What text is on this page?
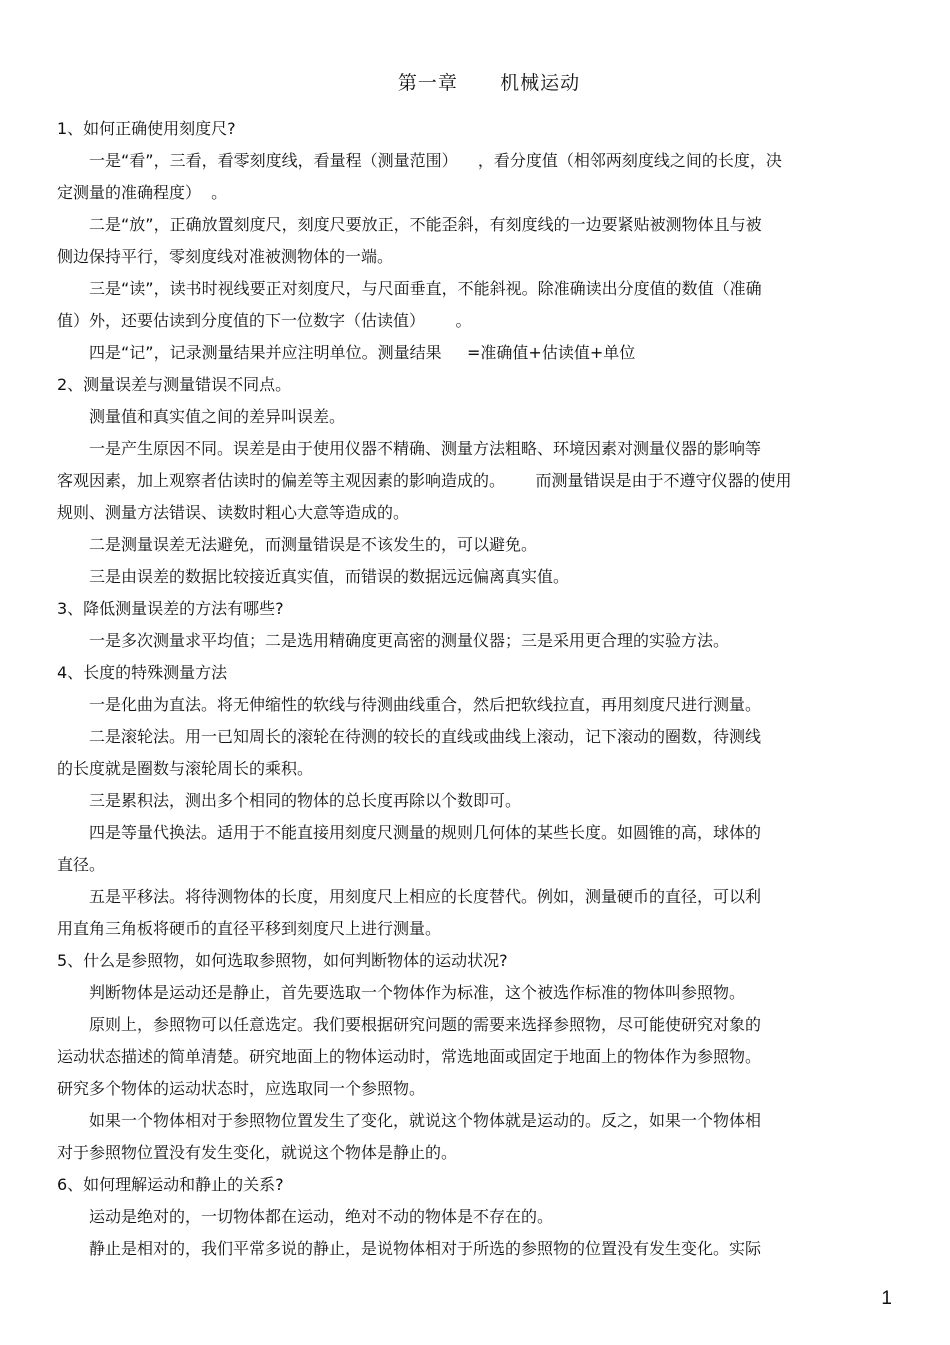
第一章      机械运动
1、如何正确使用刻度尺?
一是“看”，三看，看零刻度线，看量程（测量范围）    ，看分度值（相邻两刻度线之间的长度，决
定测量的准确程度）  。
二是“放”，正确放置刻度尺，刻度尺要放正，不能歪斜，有刻度线的一边要紧贴被测物体且与被
侧边保持平行，零刻度线对准被测物体的一端。
三是“读”，读书时视线要正对刻度尺，与尺面垂直，不能斜视。除准确读出分度值的数值（准确
值）外，还要估读到分度值的下一位数字（估读值）      。
四是“记”，记录测量结果并应注明单位。测量结果     =准确值+估读值+单位
2、测量误差与测量错误不同点。
测量值和真实值之间的差异叫误差。
一是产生原因不同。误差是由于使用仪器不精确、测量方法粗略、环境因素对测量仪器的影响等
客观因素，加上观察者估读时的偏差等主观因素的影响造成的。      而测量错误是由于不遵守仪器的使用
规则、测量方法错误、读数时粗心大意等造成的。
二是测量误差无法避免，而测量错误是不该发生的，可以避免。
三是由误差的数据比较接近真实值，而错误的数据远远偏离真实值。
3、降低测量误差的方法有哪些?
一是多次测量求平均值；二是选用精确度更高密的测量仪器；三是采用更合理的实验方法。
4、长度的特殊测量方法
一是化曲为直法。将无伸缩性的软线与待测曲线重合，然后把软线拉直，再用刻度尺进行测量。
二是滚轮法。用一已知周长的滚轮在待测的较长的直线或曲线上滚动，记下滚动的圈数，待测线
的长度就是圈数与滚轮周长的乘积。
三是累积法，测出多个相同的物体的总长度再除以个数即可。
四是等量代换法。适用于不能直接用刻度尺测量的规则几何体的某些长度。如圆锥的高，球体的
直径。
五是平移法。将待测物体的长度，用刻度尺上相应的长度替代。例如，测量硬币的直径，可以利
用直角三角板将硬币的直径平移到刻度尺上进行测量。
5、什么是参照物，如何选取参照物，如何判断物体的运动状况?
判断物体是运动还是静止，首先要选取一个物体作为标准，这个被选作标准的物体叫参照物。
原则上，参照物可以任意选定。我们要根据研究问题的需要来选择参照物，尽可能使研究对象的
运动状态描述的简单清楚。研究地面上的物体运动时，常选地面或固定于地面上的物体作为参照物。
研究多个物体的运动状态时，应选取同一个参照物。
如果一个物体相对于参照物位置发生了变化，就说这个物体就是运动的。反之，如果一个物体相
对于参照物位置没有发生变化，就说这个物体是静止的。
6、如何理解运动和静止的关系?
运动是绝对的，一切物体都在运动，绝对不动的物体是不存在的。
静止是相对的，我们平常多说的静止，是说物体相对于所选的参照物的位置没有发生变化。实际
1
